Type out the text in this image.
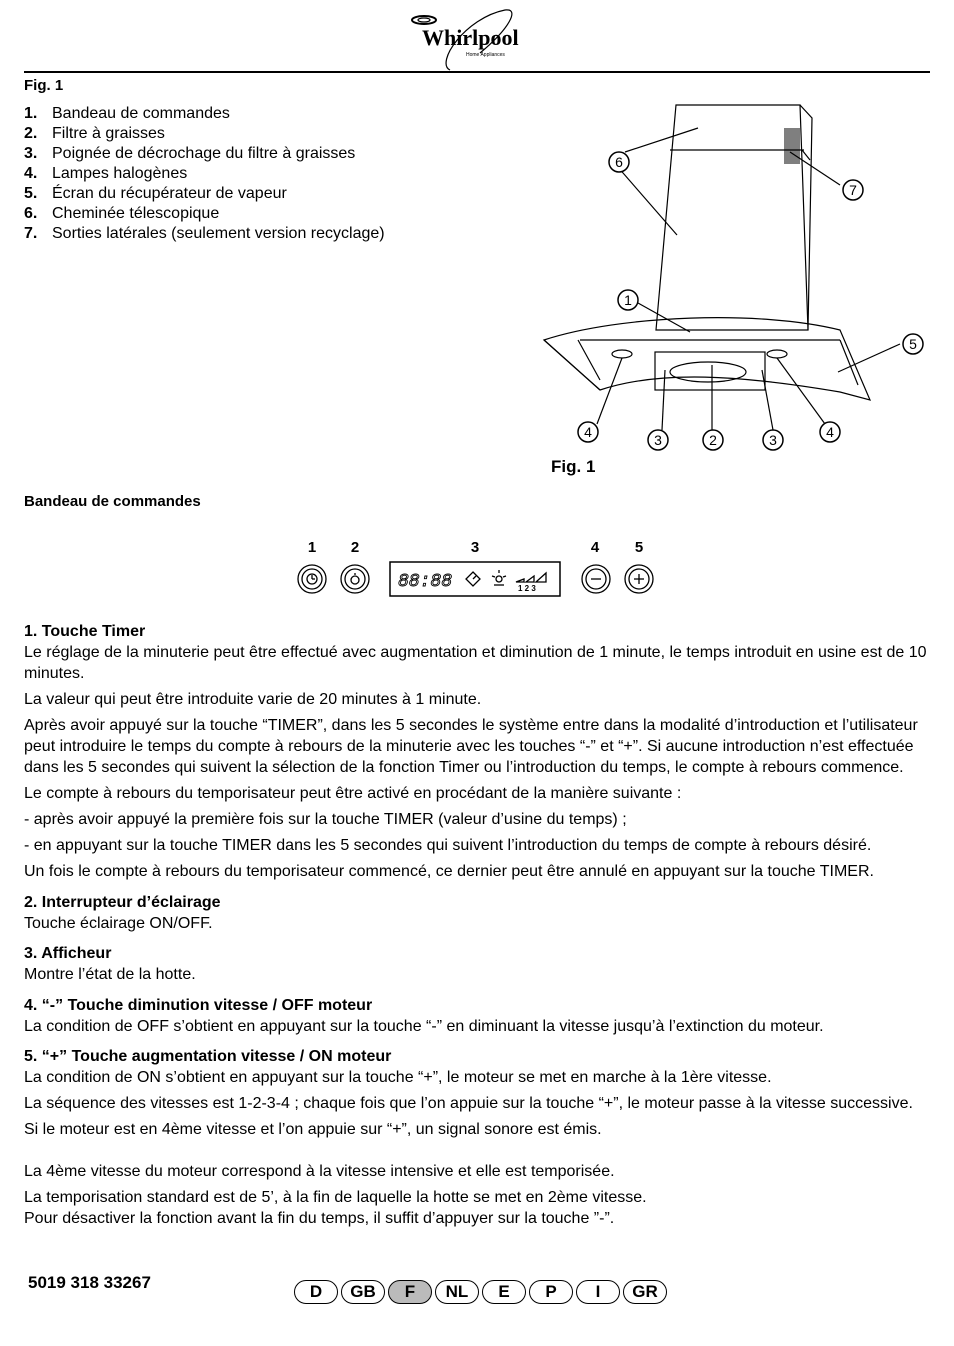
Whirlpool
Home Appliances
Fig. 1
1. Bandeau de commandes
2. Filtre à graisses
3. Poignée de décrochage du filtre à graisses
4. Lampes halogènes
5. Écran du récupérateur de vapeur
6. Cheminée télescopique
7. Sorties latérales (seulement version recyclage)
6
7
1
5
4	3	2	3	4
Fig. 1
Bandeau de commandes
1 2	3	4 5
88:88	1 2 3

1. Touche Timer

Le réglage de la minuterie peut être effectué avec augmentation et diminution de 1 minute, le temps introduit en usine est de 10 minutes.

La valeur qui peut être introduite varie de 20 minutes à 1 minute.

Après avoir appuyé sur la touche “TIMER”, dans les 5 secondes le système entre dans la modalité d’introduction et l’utilisateur peut introduire le temps du compte à rebours de la minuterie avec les touches “-” et “+”. Si aucune introduction n’est effectuée dans les 5 secondes qui suivent la sélection de la fonction Timer ou l’introduction du temps, le compte à rebours commence.

Le compte à rebours du temporisateur peut être activé en procédant de la manière suivante :

- après avoir appuyé la première fois sur la touche TIMER (valeur d’usine du temps) ;

- en appuyant sur la touche TIMER dans les 5 secondes qui suivent l’introduction du temps de compte à rebours désiré.

Un fois le compte à rebours du temporisateur commencé, ce dernier peut être annulé en appuyant sur la touche TIMER.

2. Interrupteur d’éclairage

Touche éclairage ON/OFF.

3. Afficheur

Montre l’état de la hotte.

4. “-” Touche diminution vitesse / OFF moteur

La condition de OFF s’obtient en appuyant sur la touche “-” en diminuant la vitesse jusqu’à l’extinction du moteur.

5. “+” Touche augmentation vitesse / ON moteur

La condition de ON s’obtient en appuyant sur la touche “+”, le moteur se met en marche à la 1ère vitesse.

La séquence des vitesses est 1-2-3-4 ; chaque fois que l’on appuie sur la touche “+”, le moteur passe à la vitesse successive.

Si le moteur est en 4ème vitesse et l’on appuie sur “+”, un signal sonore est émis.

La 4ème vitesse du moteur correspond à la vitesse intensive et elle est temporisée.

La temporisation standard est de 5’, à la fin de laquelle la hotte se met en 2ème vitesse.

Pour désactiver la fonction avant la fin du temps, il suffit d’appuyer sur la touche ”-”.

5019 318 33267	D	GB	F	NL	E	P	I	GR
